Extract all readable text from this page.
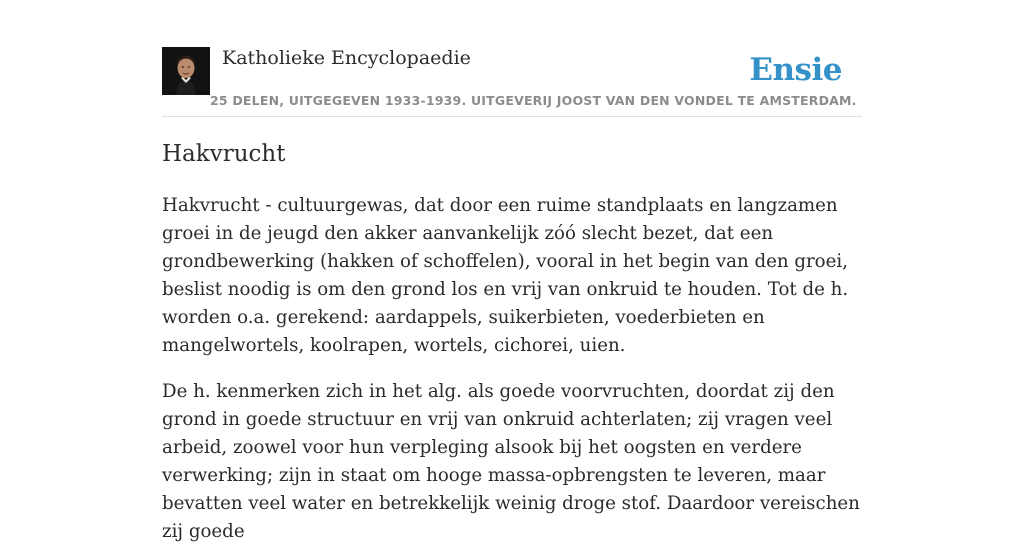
Katholieke Encyclopaedie
25 DELEN, UITGEGEVEN 1933-1939. UITGEVERIJ JOOST VAN DEN VONDEL TE AMSTERDAM.
Ensie
Hakvrucht

Hakvrucht - cultuurgewas, dat door een ruime standplaats en langzamen groei in de jeugd den akker aanvankelijk zóó slecht bezet, dat een grondbewerking (hakken of schoffelen), vooral in het begin van den groei, beslist noodig is om den grond los en vrij van onkruid te houden. Tot de h. worden o.a. gerekend: aardappels, suikerbieten, voederbieten en mangelwortels, koolrapen, wortels, cichorei, uien.

De h. kenmerken zich in het alg. als goede voorvruchten, doordat zij den grond in goede structuur en vrij van onkruid achterlaten; zij vragen veel arbeid, zoowel voor hun verpleging alsook bij het oogsten en verdere verwerking; zijn in staat om hooge massa-opbrengsten te leveren, maar bevatten veel water en betrekkelijk weinig droge stof. Daardoor vereischen zij goede
